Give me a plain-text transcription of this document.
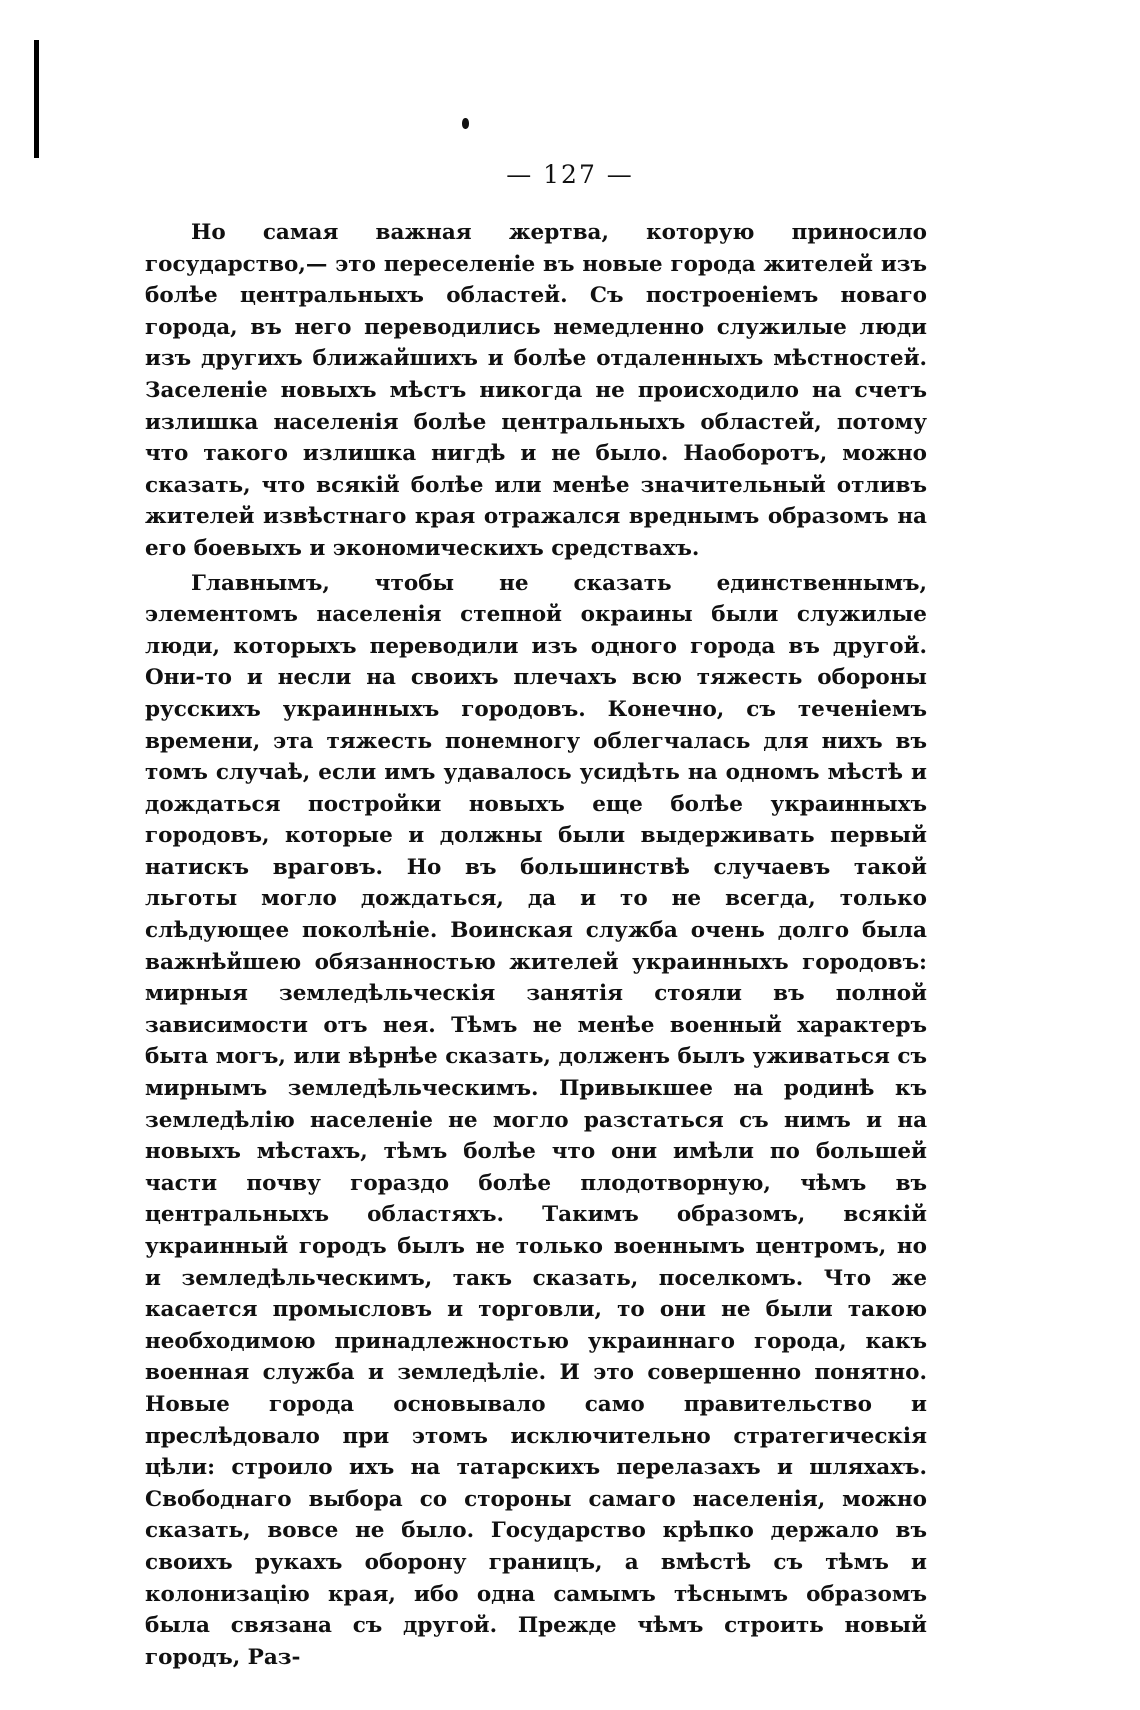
— 127 —

Но самая важная жертва, которую приносило государство,— это переселеніе въ новые города жителей изъ болѣе центральныхъ областей. Съ построеніемъ новаго города, въ него переводились немедленно служилые люди изъ другихъ ближайшихъ и болѣе отдаленныхъ мѣстностей. Заселеніе новыхъ мѣстъ никогда не происходило на счетъ излишка населенія болѣе центральныхъ областей, потому что такого излишка нигдѣ и не было. Наоборотъ, можно сказать, что всякій болѣе или менѣе значительный отливъ жителей извѣстнаго края отражался вреднымъ образомъ на его боевыхъ и экономическихъ средствахъ.

Главнымъ, чтобы не сказать единственнымъ, элементомъ населенія степной окраины были служилые люди, которыхъ переводили изъ одного города въ другой. Они-то и несли на своихъ плечахъ всю тяжесть обороны русскихъ украинныхъ городовъ. Конечно, съ теченіемъ времени, эта тяжесть понемногу облегчалась для нихъ въ томъ случаѣ, если имъ удавалось усидѣть на одномъ мѣстѣ и дождаться постройки новыхъ еще болѣе украинныхъ городовъ, которые и должны были выдерживать первый натискъ враговъ. Но въ большинствѣ случаевъ такой льготы могло дождаться, да и то не всегда, только слѣдующее поколѣніе. Воинская служба очень долго была важнѣйшею обязанностью жителей украинныхъ городовъ: мирныя земледѣльческія занятія стояли въ полной зависимости отъ нея. Тѣмъ не менѣе военный характеръ быта могъ, или вѣрнѣе сказать, долженъ былъ уживаться съ мирнымъ земледѣльческимъ. Привыкшее на родинѣ къ земледѣлію населеніе не могло разстаться съ нимъ и на новыхъ мѣстахъ, тѣмъ болѣе что они имѣли по большей части почву гораздо болѣе плодотворную, чѣмъ въ центральныхъ областяхъ. Такимъ образомъ, всякій украинный городъ былъ не только военнымъ центромъ, но и земледѣльческимъ, такъ сказать, поселкомъ. Что же касается промысловъ и торговли, то они не были такою необходимою принадлежностью украиннаго города, какъ военная служба и земледѣліе. И это совершенно понятно. Новые города основывало само правительство и преслѣдовало при этомъ исключительно стратегическія цѣли: строило ихъ на татарскихъ перелазахъ и шляхахъ. Свободнаго выбора со стороны самаго населенія, можно сказать, вовсе не было. Государство крѣпко держало въ своихъ рукахъ оборону границъ, а вмѣстѣ съ тѣмъ и колонизацію края, ибо одна самымъ тѣснымъ образомъ была связана съ другой. Прежде чѣмъ строить новый городъ, Раз-
